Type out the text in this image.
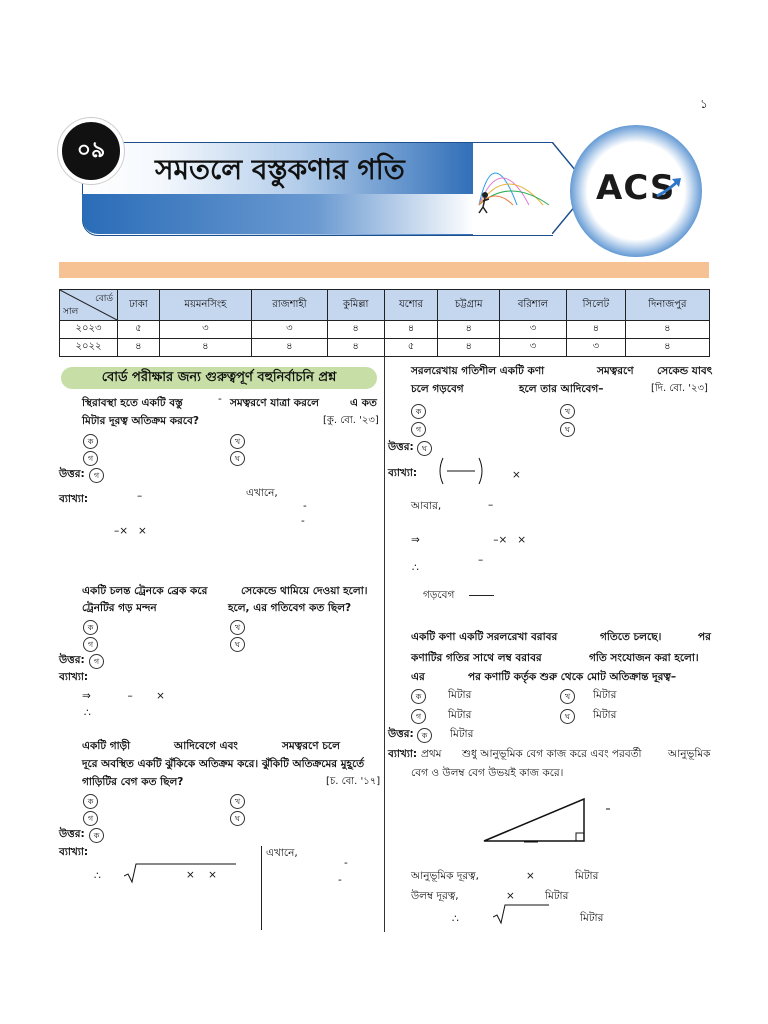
১
সমতলে বস্তুকণার গতি
০৯
ACS
বোর্ড
সাল	ঢাকা	ময়মনসিংহ	রাজশাহী	কুমিল্লা	যশোর	চট্টগ্রাম	বরিশাল	সিলেট	দিনাজপুর
২০২৩	৫	৩	৩	৪	৪	৪	৩	৪	৪
২০২২	৪	৪	৪	৪	৫	৪	৩	৩	৪
বোর্ড পরীক্ষার জন্য গুরুত্বপূর্ণ বহুনির্বাচনি প্রশ্ন
স্থিরাবস্থা হতে একটি বস্তু	- সমত্বরণে যাত্রা করলে	এ কত
মিটার দূরত্ব অতিক্রম করবে?	[কু. বো. '২৩]
ক	খ
গ	ঘ
উত্তর:	গ
ব্যাখ্যা:	–	এখানে,
-
-
–×   ×
একটি চলন্ত ট্রেনকে ব্রেক করে	সেকেন্ডে থামিয়ে দেওয়া হলো।
ট্রেনটির গড় মন্দন	হলে, এর গতিবেগ কত ছিল?
ক	খ
গ	ঘ
উত্তর:	গ
ব্যাখ্যা:
⇒           –       ×
∴
একটি গাড়ী	আদিবেগে এবং	সমত্বরণে চলে
দূরে অবস্থিত একটি ঝুঁকিকে অতিক্রম করে। ঝুঁকিটি অতিক্রমের মুহূর্তে
গাড়িটির বেগ কত ছিল?	[চ. বো. '১৭]
ক	খ
গ	ঘ
উত্তর:	ক
ব্যাখ্যা:	এখানে,
-
-
∴	×    ×
সরলরেখায় গতিশীল একটি কণা	সমত্বরণে সেকেন্ড যাবৎ
চলে গড়বেগ	হলে তার আদিবেগ–	[দি. বো. '২৩]
ক	খ
গ	ঘ
উত্তর:	ঘ
ব্যাখ্যা:	×
আবার,	–
⇒                      –×   ×
–
∴
গড়বেগ
একটি কণা একটি সরলরেখা বরাবর	গতিতে চলছে।	পর
কণাটির গতির সাথে লম্ব বরাবর	গতি সংযোজন করা হলো।
এর	পর কণাটি কর্তৃক শুরু থেকে মোট অতিক্রান্ত দূরত্ব–
ক	মিটার	খ	মিটার
গ	মিটার	ঘ	মিটার
উত্তর:	ক	মিটার
ব্যাখ্যা: প্রথম শুধু আনুভূমিক বেগ কাজ করে এবং পরবর্তী	আনুভূমিক
বেগ ও উলম্ব বেগ উভয়ই কাজ করে।
আনুভূমিক দূরত্ব,	×	মিটার
উলম্ব দূরত্ব,	×	মিটার
∴	মিটার
